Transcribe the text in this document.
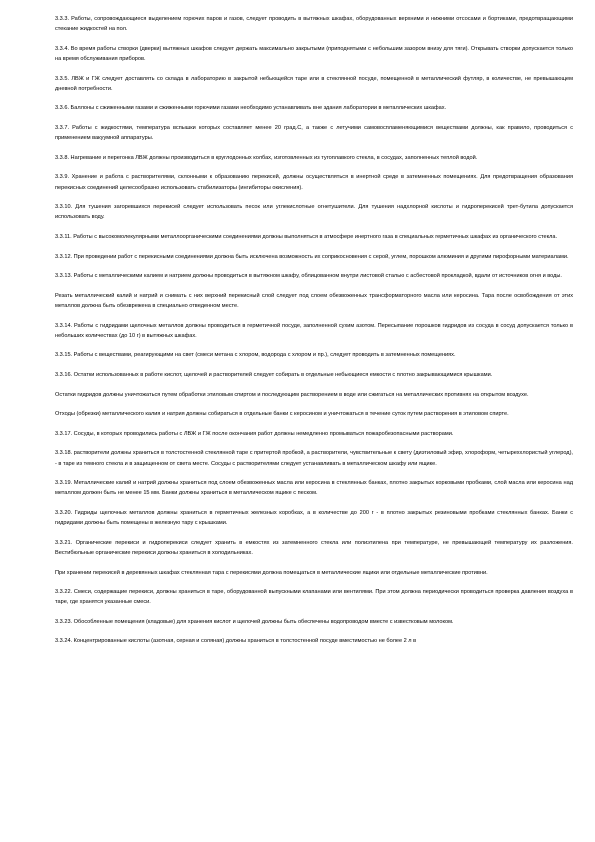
3.3.3. Работы, сопровождающиеся выделением горючих паров и газов, следует проводить в вытяжных шкафах, оборудованных верхними и нижними отсосами и бортиками, предотвращающими стекание жидкостей на пол.

3.3.4. Во время работы створки (дверки) вытяжных шкафов следует держать максимально закрытыми (приподнятыми с небольшим зазором внизу для тяги). Открывать створки допускается только на время обслуживания приборов.

3.3.5. ЛВЖ и ГЖ следует доставлять со склада в лабораторию в закрытой небьющейся таре или в стеклянной посуде, помещенной в металлический футляр, в количестве, не превышающем дневной потребности.

3.3.6. Баллоны с сжиженными газами и сжиженными горючими газами необходимо устанавливать вне здания лаборатории в металлических шкафах.

3.3.7. Работы с жидкостями, температура вспышки которых составляет менее 20 град.С, а также с летучими самовоспламеняющимися веществами должны, как правило, проводиться с применением вакуумной аппаратуры.

3.3.8. Нагревание и перегонка ЛВЖ должны производиться в круглодонных колбах, изготовленных из тугоплавкого стекла, в сосудах, заполненных теплой водой.

3.3.9. Хранение и работа с растворителями, склонными к образованию перекисей, должны осуществляться в инертной среде в затемненных помещениях. Для предотвращения образования перекисных соединений целесообразно использовать стабилизаторы (ингибиторы окисления).

3.3.10. Для тушения загоревшихся перекисей следует использовать песок или углекислотные огнетушители. Для тушения надхлорной кислоты и гидроперекисей трет-бутила допускается использовать воду.

3.3.11. Работы с высокомолекулярными металлоорганическими соединениями должны выполняться в атмосфере инертного газа в специальных герметичных шкафах из органического стекла.

3.3.12. При проведении работ с перекисными соединениями должна быть исключена возможность их соприкосновения с серой, углем, порошком алюминия и другими пирофорными материалами.

3.3.13. Работы с металлическими калием и натрием должны проводиться в вытяжном шкафу, облицованном внутри листовой сталью с асбестовой прокладкой, вдали от источников огня и воды.

Резать металлический калий и натрий и снимать с них верхний перекисный слой следует под слоем обезвоженных трансформаторного масла или керосина. Тара после освобождения от этих металлов должна быть обезврежена в специально отведенном месте.

3.3.14. Работы с гидридами щелочных металлов должны проводиться в герметичной посуде, заполненной сухим азотом. Пересыпание порошков гидридов из сосуда в сосуд допускается только в небольших количествах (до 10 г) в вытяжных шкафах.

3.3.15. Работы с веществами, реагирующими на свет (смеси метана с хлором, водорода с хлором и пр.), следует проводить в затемненных помещениях.

3.3.16. Остатки использованных в работе кислот, щелочей и растворителей следует собирать в отдельные небьющиеся емкости с плотно закрывающимися крышками.

Остатки гидридов должны уничтожаться путем обработки этиловым спиртом и последующим растворением в воде или сжигаться на металлических противнях на открытом воздухе.

Отходы (обрезки) металлического калия и натрия должны собираться в отдельные банки с керосином и уничтожаться в течение суток путем растворения в этиловом спирте.

3.3.17. Сосуды, в которых проводились работы с ЛВЖ и ГЖ после окончания работ должны немедленно промываться пожаробезопасными растворами.

3.3.18. растворители должны храниться в толстостенной стеклянной таре с притертой пробкой, а растворители, чувствительные к свету (диэтиловый эфир, хлороформ, четыреххлористый углерод), - в таре из темного стекла и в защищенном от света месте. Сосуды с растворителями следует устанавливать в металлическом шкафу или ящике.

3.3.19. Металлические калий и натрий должны храниться под слоем обезвоженных масла или керосина в стеклянных банках, плотно закрытых корковыми пробками, слой масла или керосина над металлом должен быть не менее 15 мм. Банки должны храниться в металлическом ящике с песком.

3.3.20. Гидриды щелочных металлов должны храниться в герметичных железных коробках, а в количестве до 200 г - в плотно закрытых резиновыми пробками стеклянных банках. Банки с гидридами должны быть помещены в железную тару с крышками.

3.3.21. Органические перекиси и гидроперекиси следует хранить в емкостях из затемненного стекла или полиэтилена при температуре, не превышающей температуру их разложения. Вестибюльные органические перекиси должны храниться в холодильниках.

При хранении перекисей в деревянных шкафах стеклянная тара с перекисями должна помещаться в металлические ящики или отдельные металлические противни.

3.3.22. Смеси, содержащие перекиси, должны храниться в таре, оборудованной выпускными клапанами или вентилями. При этом должна периодически проводиться проверка давления воздуха в таре, где хранятся указанные смеси.

3.3.23. Обособленные помещения (кладовые) для хранения кислот и щелочей должны быть обеспечены водопроводом вместе с известковым молоком.

3.3.24. Концентрированные кислоты (азотная, серная и соляная) должны храниться в толстостенной посуде вместимостью не более 2 л в
